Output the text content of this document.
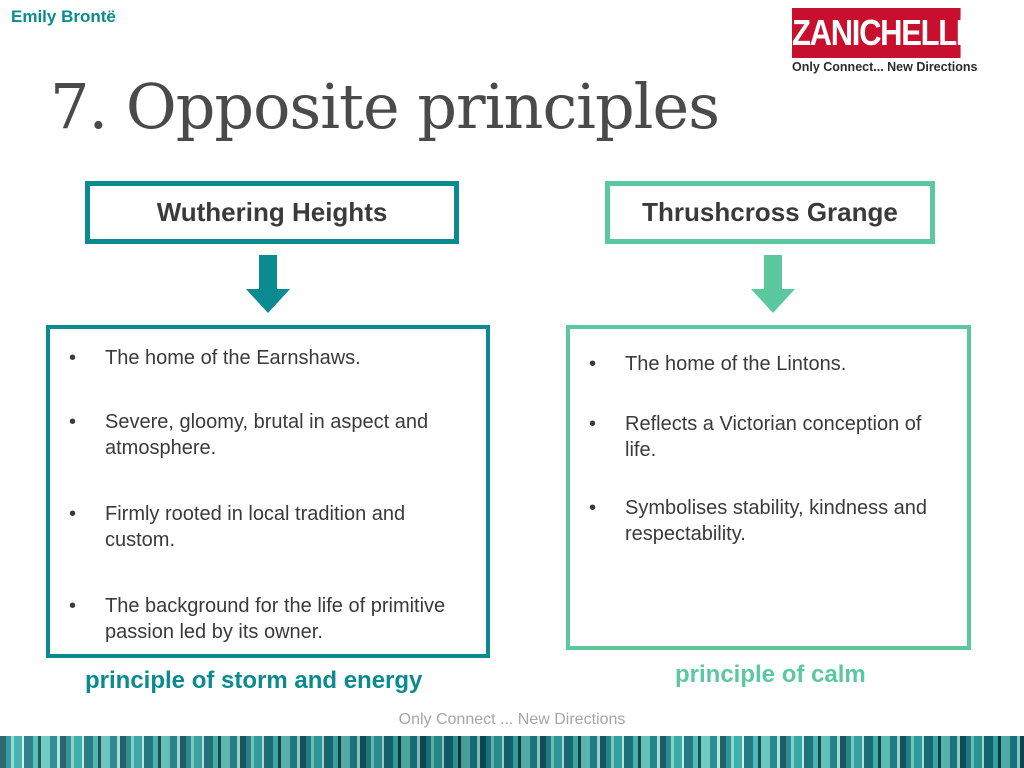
Emily Brontë	ZANICHELLI
Only Connect... New Directions
7. Opposite principles
Wuthering Heights
• The home of the Earnshaws.
• Severe, gloomy, brutal in aspect and atmosphere.
• Firmly rooted in local tradition and custom.
• The background for the life of primitive passion led by its owner.
principle of storm and energy
Thrushcross Grange
• The home of the Lintons.
• Reflects a Victorian conception of life.
• Symbolises stability, kindness and respectability.
principle of calm
Only Connect ... New Directions
